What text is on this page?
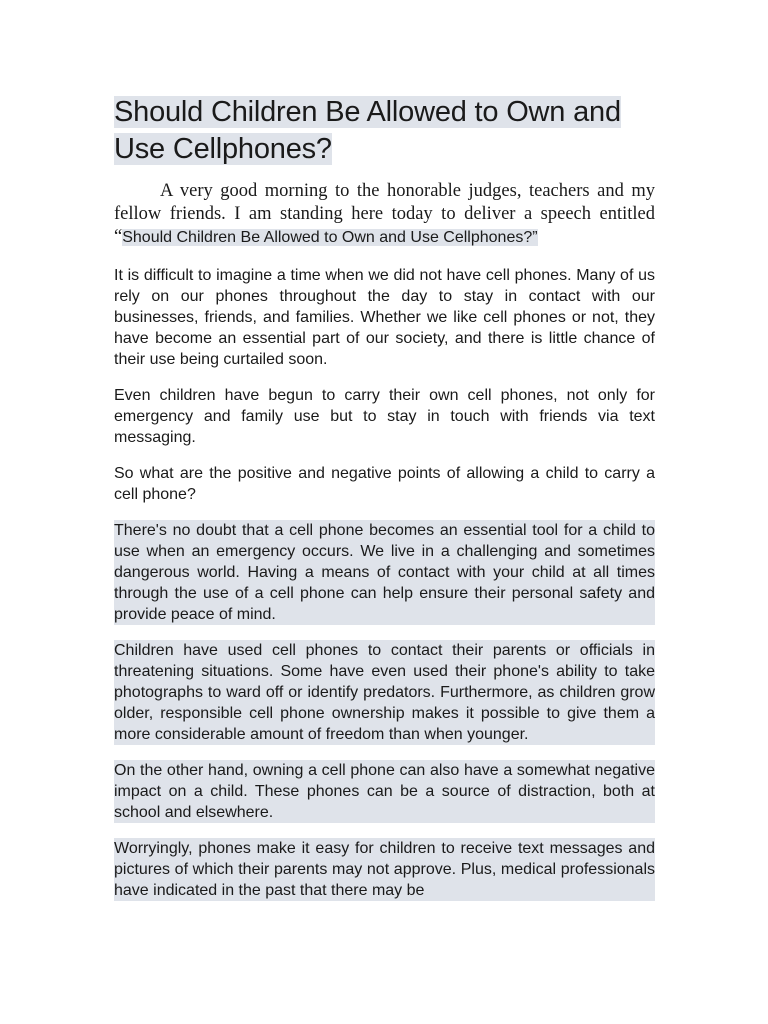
Should Children Be Allowed to Own and Use Cellphones?

A very good morning to the honorable judges, teachers and my fellow friends. I am standing here today to deliver a speech entitled “Should Children Be Allowed to Own and Use Cellphones?”

It is difficult to imagine a time when we did not have cell phones. Many of us rely on our phones throughout the day to stay in contact with our businesses, friends, and families. Whether we like cell phones or not, they have become an essential part of our society, and there is little chance of their use being curtailed soon.

Even children have begun to carry their own cell phones, not only for emergency and family use but to stay in touch with friends via text messaging.

So what are the positive and negative points of allowing a child to carry a cell phone?

There's no doubt that a cell phone becomes an essential tool for a child to use when an emergency occurs. We live in a challenging and sometimes dangerous world. Having a means of contact with your child at all times through the use of a cell phone can help ensure their personal safety and provide peace of mind.

Children have used cell phones to contact their parents or officials in threatening situations. Some have even used their phone's ability to take photographs to ward off or identify predators. Furthermore, as children grow older, responsible cell phone ownership makes it possible to give them a more considerable amount of freedom than when younger.

On the other hand, owning a cell phone can also have a somewhat negative impact on a child. These phones can be a source of distraction, both at school and elsewhere.

Worryingly, phones make it easy for children to receive text messages and pictures of which their parents may not approve. Plus, medical professionals have indicated in the past that there may be
